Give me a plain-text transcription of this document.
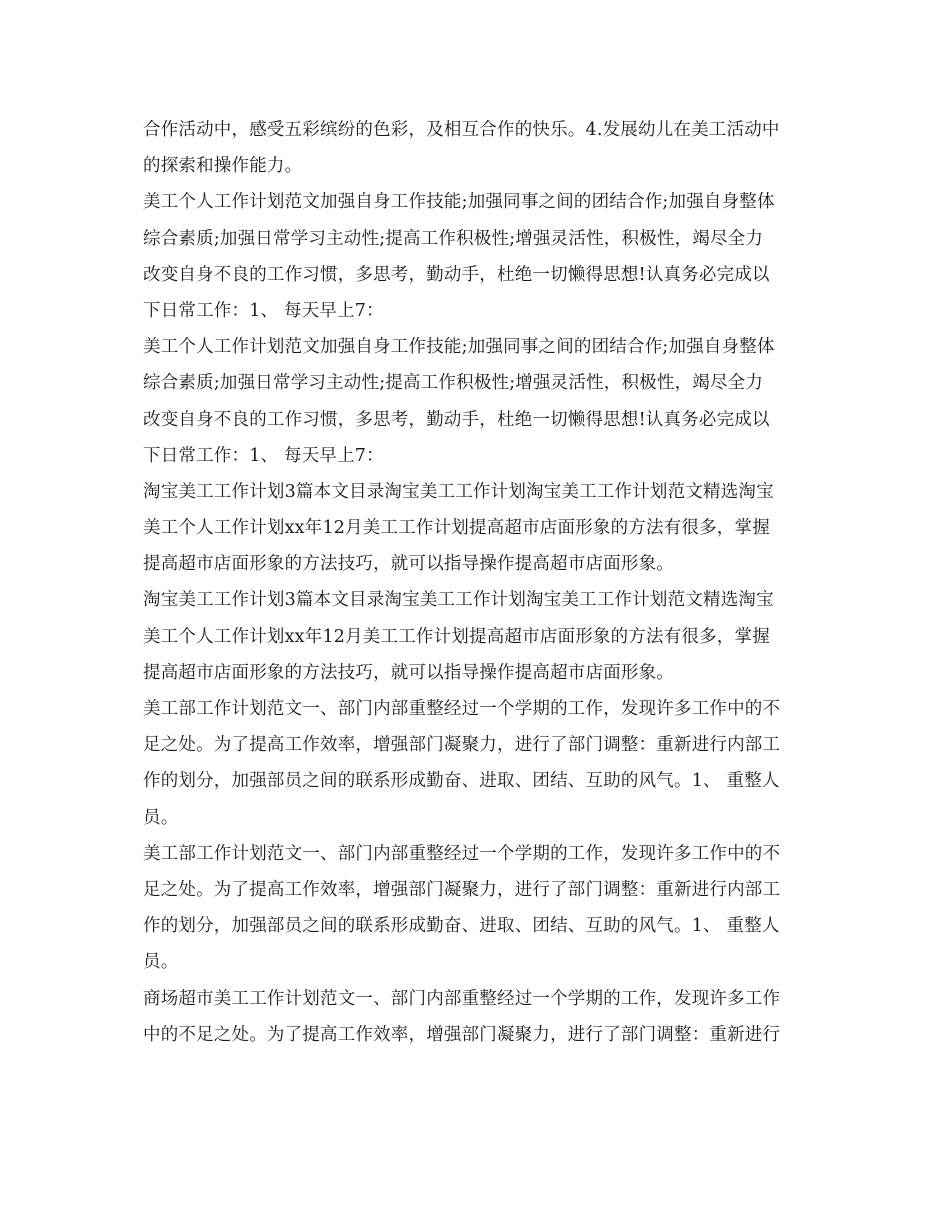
合作活动中，感受五彩缤纷的色彩，及相互合作的快乐。4.发展幼儿在美工活动中
的探索和操作能力。
美工个人工作计划范文加强自身工作技能;加强同事之间的团结合作;加强自身整体
综合素质;加强日常学习主动性;提高工作积极性;增强灵活性，积极性，竭尽全力
改变自身不良的工作习惯，多思考，勤动手，杜绝一切懒得思想!认真务必完成以
下日常工作：1、 每天早上7：
美工个人工作计划范文加强自身工作技能;加强同事之间的团结合作;加强自身整体
综合素质;加强日常学习主动性;提高工作积极性;增强灵活性，积极性，竭尽全力
改变自身不良的工作习惯，多思考，勤动手，杜绝一切懒得思想!认真务必完成以
下日常工作：1、 每天早上7：
淘宝美工工作计划3篇本文目录淘宝美工工作计划淘宝美工工作计划范文精选淘宝
美工个人工作计划xx年12月美工工作计划提高超市店面形象的方法有很多，掌握
提高超市店面形象的方法技巧，就可以指导操作提高超市店面形象。
淘宝美工工作计划3篇本文目录淘宝美工工作计划淘宝美工工作计划范文精选淘宝
美工个人工作计划xx年12月美工工作计划提高超市店面形象的方法有很多，掌握
提高超市店面形象的方法技巧，就可以指导操作提高超市店面形象。
美工部工作计划范文一、部门内部重整经过一个学期的工作，发现许多工作中的不
足之处。为了提高工作效率，增强部门凝聚力，进行了部门调整：重新进行内部工
作的划分，加强部员之间的联系形成勤奋、进取、团结、互助的风气。1、 重整人
员。
美工部工作计划范文一、部门内部重整经过一个学期的工作，发现许多工作中的不
足之处。为了提高工作效率，增强部门凝聚力，进行了部门调整：重新进行内部工
作的划分，加强部员之间的联系形成勤奋、进取、团结、互助的风气。1、 重整人
员。
商场超市美工工作计划范文一、部门内部重整经过一个学期的工作，发现许多工作
中的不足之处。为了提高工作效率，增强部门凝聚力，进行了部门调整：重新进行
